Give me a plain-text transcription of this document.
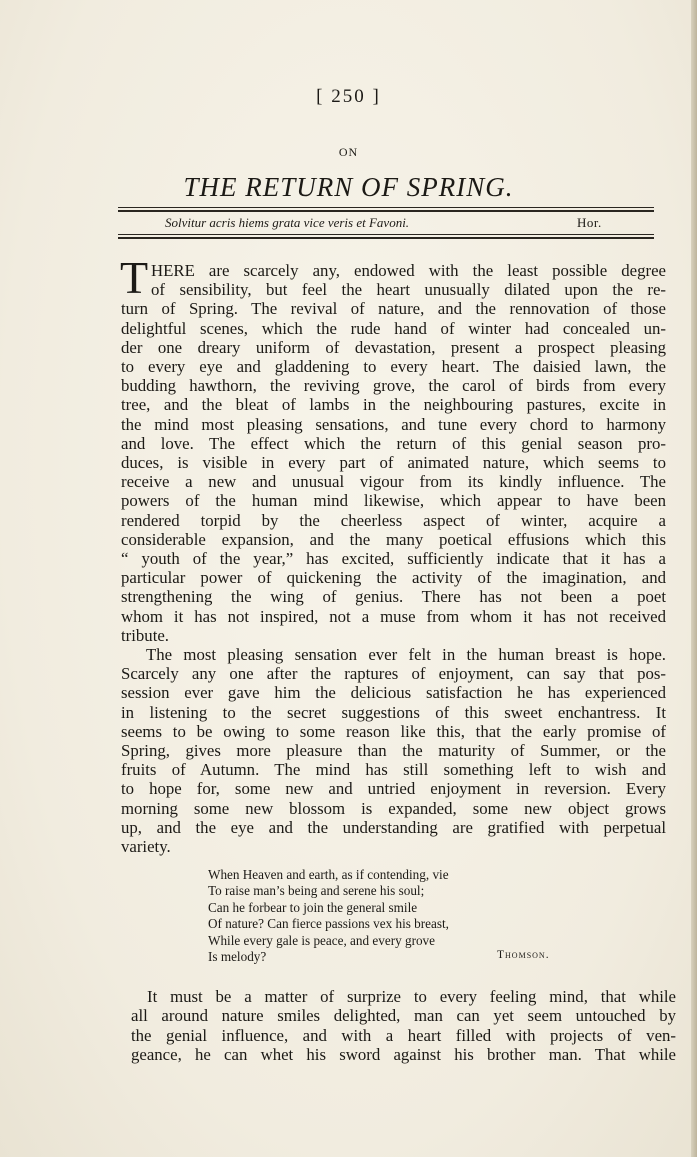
[ 250 ]
ON
THE RETURN OF SPRING.
Solvitur acris hiems grata vice veris et Favoni.	Hor.
T HERE are scarcely any, endowed with the least possible degree
of sensibility, but feel the heart unusually dilated upon the re-
turn of Spring. The revival of nature, and the rennovation of those
delightful scenes, which the rude hand of winter had concealed un-
der one dreary uniform of devastation, present a prospect pleasing
to every eye and gladdening to every heart. The daisied lawn, the
budding hawthorn, the reviving grove, the carol of birds from every
tree, and the bleat of lambs in the neighbouring pastures, excite in
the mind most pleasing sensations, and tune every chord to harmony
and love. The effect which the return of this genial season pro-
duces, is visible in every part of animated nature, which seems to
receive a new and unusual vigour from its kindly influence. The
powers of the human mind likewise, which appear to have been
rendered torpid by the cheerless aspect of winter, acquire a
considerable expansion, and the many poetical effusions which this
“ youth of the year,” has excited, sufficiently indicate that it has a
particular power of quickening the activity of the imagination, and
strengthening the wing of genius. There has not been a poet
whom it has not inspired, not a muse from whom it has not received
tribute.
The most pleasing sensation ever felt in the human breast is hope.
Scarcely any one after the raptures of enjoyment, can say that pos-
session ever gave him the delicious satisfaction he has experienced
in listening to the secret suggestions of this sweet enchantress. It
seems to be owing to some reason like this, that the early promise of
Spring, gives more pleasure than the maturity of Summer, or the
fruits of Autumn. The mind has still something left to wish and
to hope for, some new and untried enjoyment in reversion. Every
morning some new blossom is expanded, some new object grows
up, and the eye and the understanding are gratified with perpetual
variety.
When Heaven and earth, as if contending, vie
To raise man’s being and serene his soul;
Can he forbear to join the general smile
Of nature? Can fierce passions vex his breast,
While every gale is peace, and every grove
Is melody?	Thomson.
It must be a matter of surprize to every feeling mind, that while
all around nature smiles delighted, man can yet seem untouched by
the genial influence, and with a heart filled with projects of ven-
geance, he can whet his sword against his brother man. That while
